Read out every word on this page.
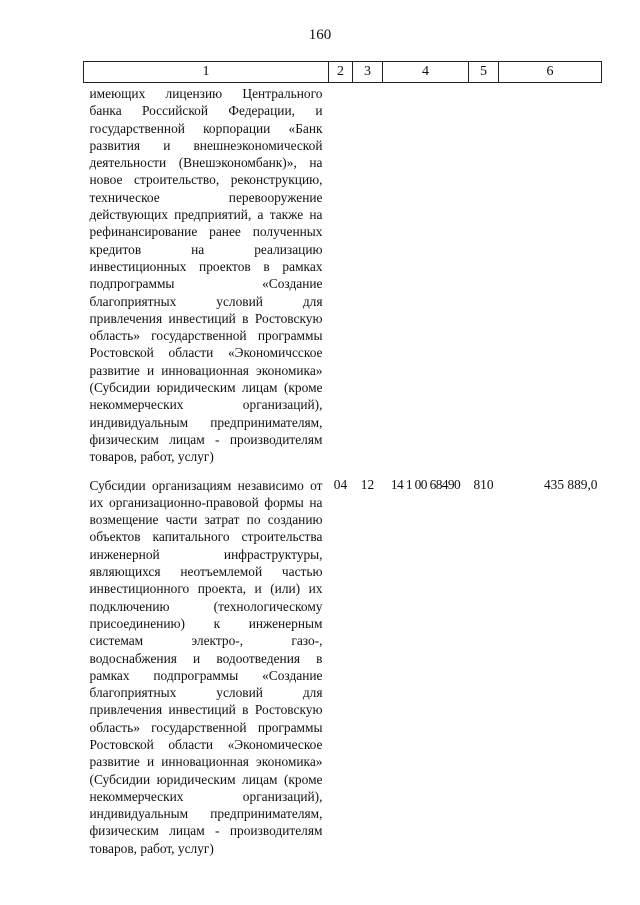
160
1	2	3	4	5	6
имеющих лицензию Центрального банка Российской Федерации, и государственной корпорации «Банк развития и внешнеэкономической деятельности (Внешэкономбанк)», на новое строительство, реконструкцию, техническое перевооружение действующих предприятий, а также на рефинансирование ранее полученных кредитов на реализацию инвестиционных проектов в рамках подпрограммы «Создание благоприятных условий для привлечения инвестиций в Ростовскую область» государственной программы Ростовской области «Экономичсское развитие и инновационная экономика» (Субсидии юридическим лицам (кроме некоммерческих организаций), индивидуальным предпринимателям, физическим лицам - производителям товаров, работ, услуг)					
Субсидии организациям независимо от их организационно-правовой формы на возмещение части затрат по созданию объектов капитального строительства инженерной инфраструктуры, являющихся неотъемлемой частью инвестиционного проекта, и (или) их подключению (технологическому присоединению) к инженерным системам электро-, газо-, водоснабжения и водоотведения в рамках подпрограммы «Создание благоприятных условий для привлечения инвестиций в Ростовскую область» государственной программы Ростовской области «Экономическое развитие и инновационная экономика» (Субсидии юридическим лицам (кроме некоммерческих организаций), индивидуальным предпринимателям, физическим лицам - производителям товаров, работ, услуг)	04	12	14 1 00 68490	810	435 889,0
